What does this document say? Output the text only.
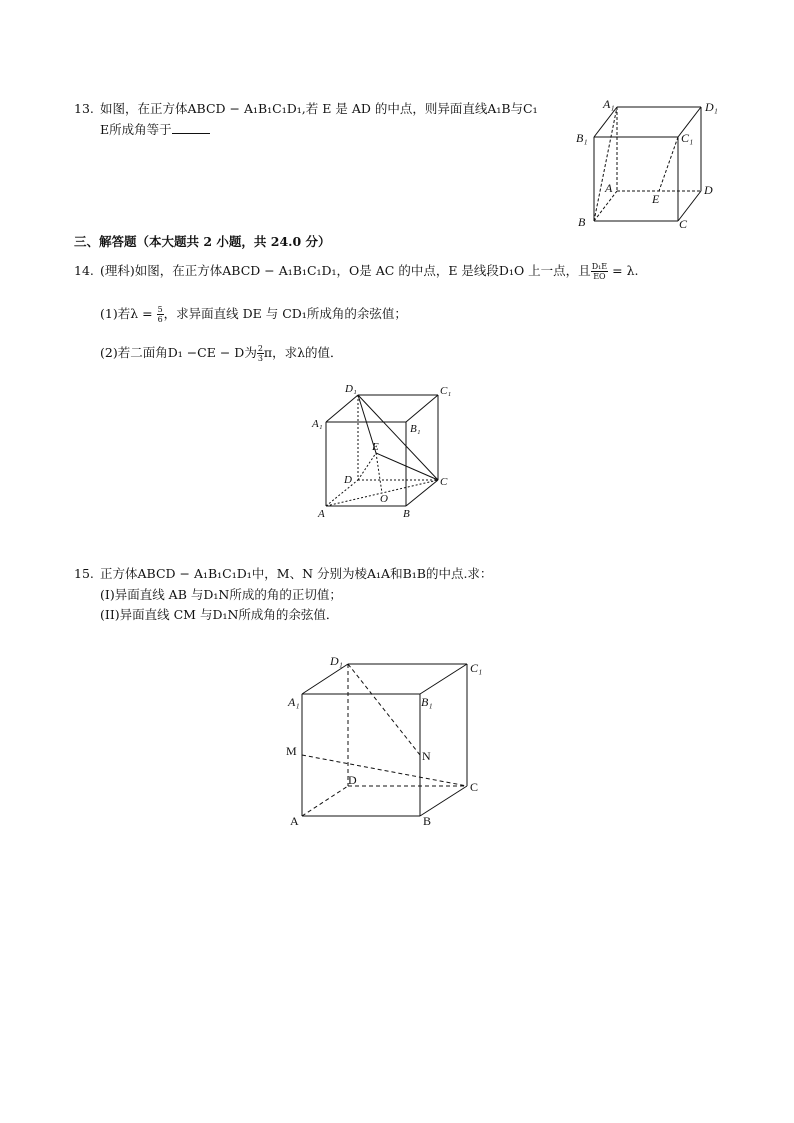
13. 如图，在正方体ABCD − A₁B₁C₁D₁,若 E 是 AD 的中点，则异面直线A₁B与C₁
E所成角等于
A₁	D₁
B₁	C₁
A	D
E
B	C
三、解答题（本大题共 2 小题，共 24.0 分）
14. (理科)如图，在正方体ABCD − A₁B₁C₁D₁，O是 AC 的中点，E 是线段D₁O 上一点，且 $\frac{\text{D₁E}}{EO} = \lambda$.
(1)若$\lambda = \frac{5}{6}$ ，求异面直线 DE 与 CD₁所成角的余弦值；
(2)若二面角D₁ −CE − D为 $\frac{2}{3}$ π，求λ的值．
D₁	C₁
A₁	B₁
E
D	C
O
A	B
15. 正方体ABCD − A₁B₁C₁D₁中，M、N 分别为棱A₁A和B₁B的中点.求：
(I)异面直线 AB 与D₁N所成的角的正切值；
(II)异面直线 CM 与D₁N所成角的余弦值．
D₁	C₁
A₁	B₁
M	N
D	C
A	B
